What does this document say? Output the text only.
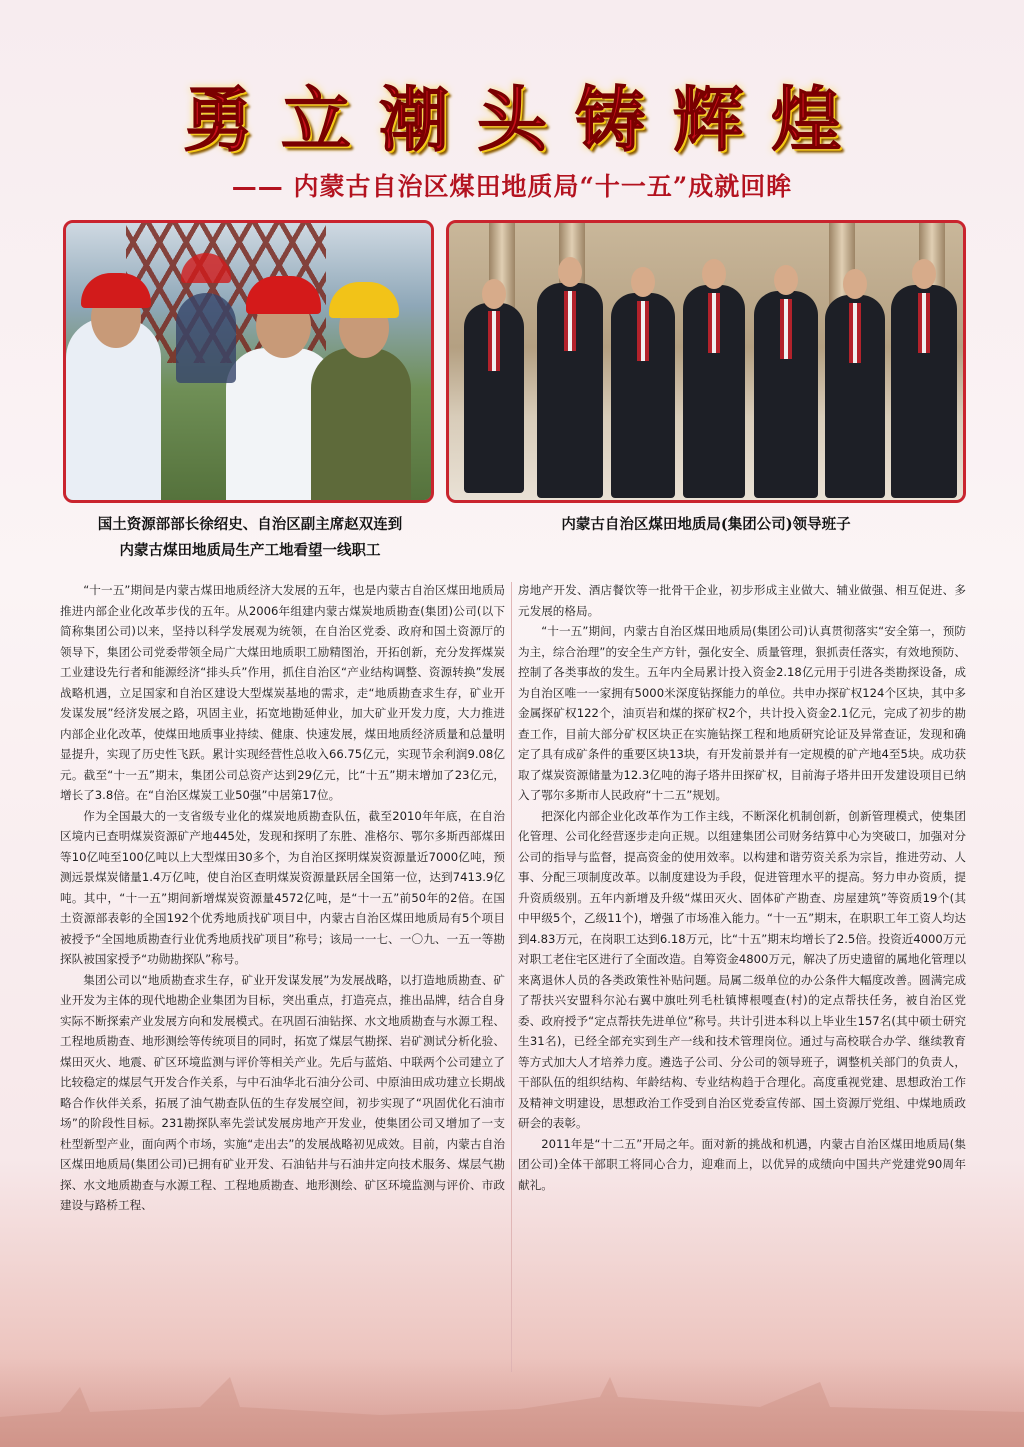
勇 立 潮 头 铸 辉 煌
—— 内蒙古自治区煤田地质局“十一五”成就回眸
国土资源部部长徐绍史、自治区副主席赵双连到
内蒙古煤田地质局生产工地看望一线职工
内蒙古自治区煤田地质局(集团公司)领导班子

“十一五”期间是内蒙古煤田地质经济大发展的五年，也是内蒙古自治区煤田地质局推进内部企业化改革步伐的五年。从2006年组建内蒙古煤炭地质勘查(集团)公司(以下简称集团公司)以来，坚持以科学发展观为统领，在自治区党委、政府和国土资源厅的领导下，集团公司党委带领全局广大煤田地质职工励精图治，开拓创新，充分发挥煤炭工业建设先行者和能源经济“排头兵”作用，抓住自治区“产业结构调整、资源转换”发展战略机遇，立足国家和自治区建设大型煤炭基地的需求，走“地质勘查求生存，矿业开发谋发展”经济发展之路，巩固主业，拓宽地勘延伸业，加大矿业开发力度，大力推进内部企业化改革，使煤田地质事业持续、健康、快速发展，煤田地质经济质量和总量明显提升，实现了历史性飞跃。累计实现经营性总收入66.75亿元，实现节余利润9.08亿元。截至“十一五”期末，集团公司总资产达到29亿元，比“十五”期末增加了23亿元，增长了3.8倍。在“自治区煤炭工业50强”中居第17位。

作为全国最大的一支省级专业化的煤炭地质勘查队伍，截至2010年年底，在自治区境内已查明煤炭资源矿产地445处，发现和探明了东胜、准格尔、鄂尔多斯西部煤田等10亿吨至100亿吨以上大型煤田30多个，为自治区探明煤炭资源量近7000亿吨，预测远景煤炭储量1.4万亿吨，使自治区查明煤炭资源量跃居全国第一位，达到7413.9亿吨。其中，“十一五”期间新增煤炭资源量4572亿吨，是“十一五”前50年的2倍。在国土资源部表彰的全国192个优秀地质找矿项目中，内蒙古自治区煤田地质局有5个项目被授予“全国地质勘查行业优秀地质找矿项目”称号；该局一一七、一〇九、一五一等勘探队被国家授予“功勋勘探队”称号。

集团公司以“地质勘查求生存，矿业开发谋发展”为发展战略，以打造地质勘查、矿业开发为主体的现代地勘企业集团为目标，突出重点，打造亮点，推出品牌，结合自身实际不断探索产业发展方向和发展模式。在巩固石油钻探、水文地质勘查与水源工程、工程地质勘查、地形测绘等传统项目的同时，拓宽了煤层气勘探、岩矿测试分析化验、煤田灭火、地震、矿区环境监测与评价等相关产业。先后与蓝焰、中联两个公司建立了比较稳定的煤层气开发合作关系，与中石油华北石油分公司、中原油田成功建立长期战略合作伙伴关系，拓展了油气勘查队伍的生存发展空间，初步实现了“巩固优化石油市场”的阶段性目标。231勘探队率先尝试发展房地产开发业，使集团公司又增加了一支杜型新型产业，面向两个市场，实施“走出去”的发展战略初见成效。目前，内蒙古自治区煤田地质局(集团公司)已拥有矿业开发、石油钻井与石油井定向技术服务、煤层气勘探、水文地质勘查与水源工程、工程地质勘查、地形测绘、矿区环境监测与评价、市政建设与路桥工程、

房地产开发、酒店餐饮等一批骨干企业，初步形成主业做大、辅业做强、相互促进、多元发展的格局。

“十一五”期间，内蒙古自治区煤田地质局(集团公司)认真贯彻落实“安全第一，预防为主，综合治理”的安全生产方针，强化安全、质量管理，狠抓责任落实，有效地预防、控制了各类事故的发生。五年内全局累计投入资金2.18亿元用于引进各类勘探设备，成为自治区唯一一家拥有5000米深度钻探能力的单位。共申办探矿权124个区块，其中多金属探矿权122个，油页岩和煤的探矿权2个，共计投入资金2.1亿元，完成了初步的勘查工作，目前大部分矿权区块正在实施钻探工程和地质研究论证及异常查证，发现和确定了具有成矿条件的重要区块13块，有开发前景并有一定规模的矿产地4至5块。成功获取了煤炭资源储量为12.3亿吨的海子塔井田探矿权，目前海子塔井田开发建设项目已纳入了鄂尔多斯市人民政府“十二五”规划。

把深化内部企业化改革作为工作主线，不断深化机制创新，创新管理模式，使集团化管理、公司化经营逐步走向正规。以组建集团公司财务结算中心为突破口，加强对分公司的指导与监督，提高资金的使用效率。以构建和谐劳资关系为宗旨，推进劳动、人事、分配三项制度改革。以制度建设为手段，促进管理水平的提高。努力申办资质，提升资质级别。五年内新增及升级“煤田灭火、固体矿产勘查、房屋建筑”等资质19个(其中甲级5个，乙级11个)，增强了市场准入能力。“十一五”期末，在职职工年工资人均达到4.83万元，在岗职工达到6.18万元，比“十五”期末均增长了2.5倍。投资近4000万元对职工老住宅区进行了全面改造。自筹资金4800万元，解决了历史遗留的属地化管理以来离退休人员的各类政策性补贴问题。局属二级单位的办公条件大幅度改善。圆满完成了帮扶兴安盟科尔沁右翼中旗吐列毛杜镇博根嘎查(村)的定点帮扶任务，被自治区党委、政府授予“定点帮扶先进单位”称号。共计引进本科以上毕业生157名(其中硕士研究生31名)，已经全部充实到生产一线和技术管理岗位。通过与高校联合办学、继续教育等方式加大人才培养力度。遴选子公司、分公司的领导班子，调整机关部门的负责人，干部队伍的组织结构、年龄结构、专业结构趋于合理化。高度重视党建、思想政治工作及精神文明建设，思想政治工作受到自治区党委宣传部、国土资源厅党组、中煤地质政研会的表彰。

2011年是“十二五”开局之年。面对新的挑战和机遇，内蒙古自治区煤田地质局(集团公司)全体干部职工将同心合力，迎难而上，以优异的成绩向中国共产党建党90周年献礼。
